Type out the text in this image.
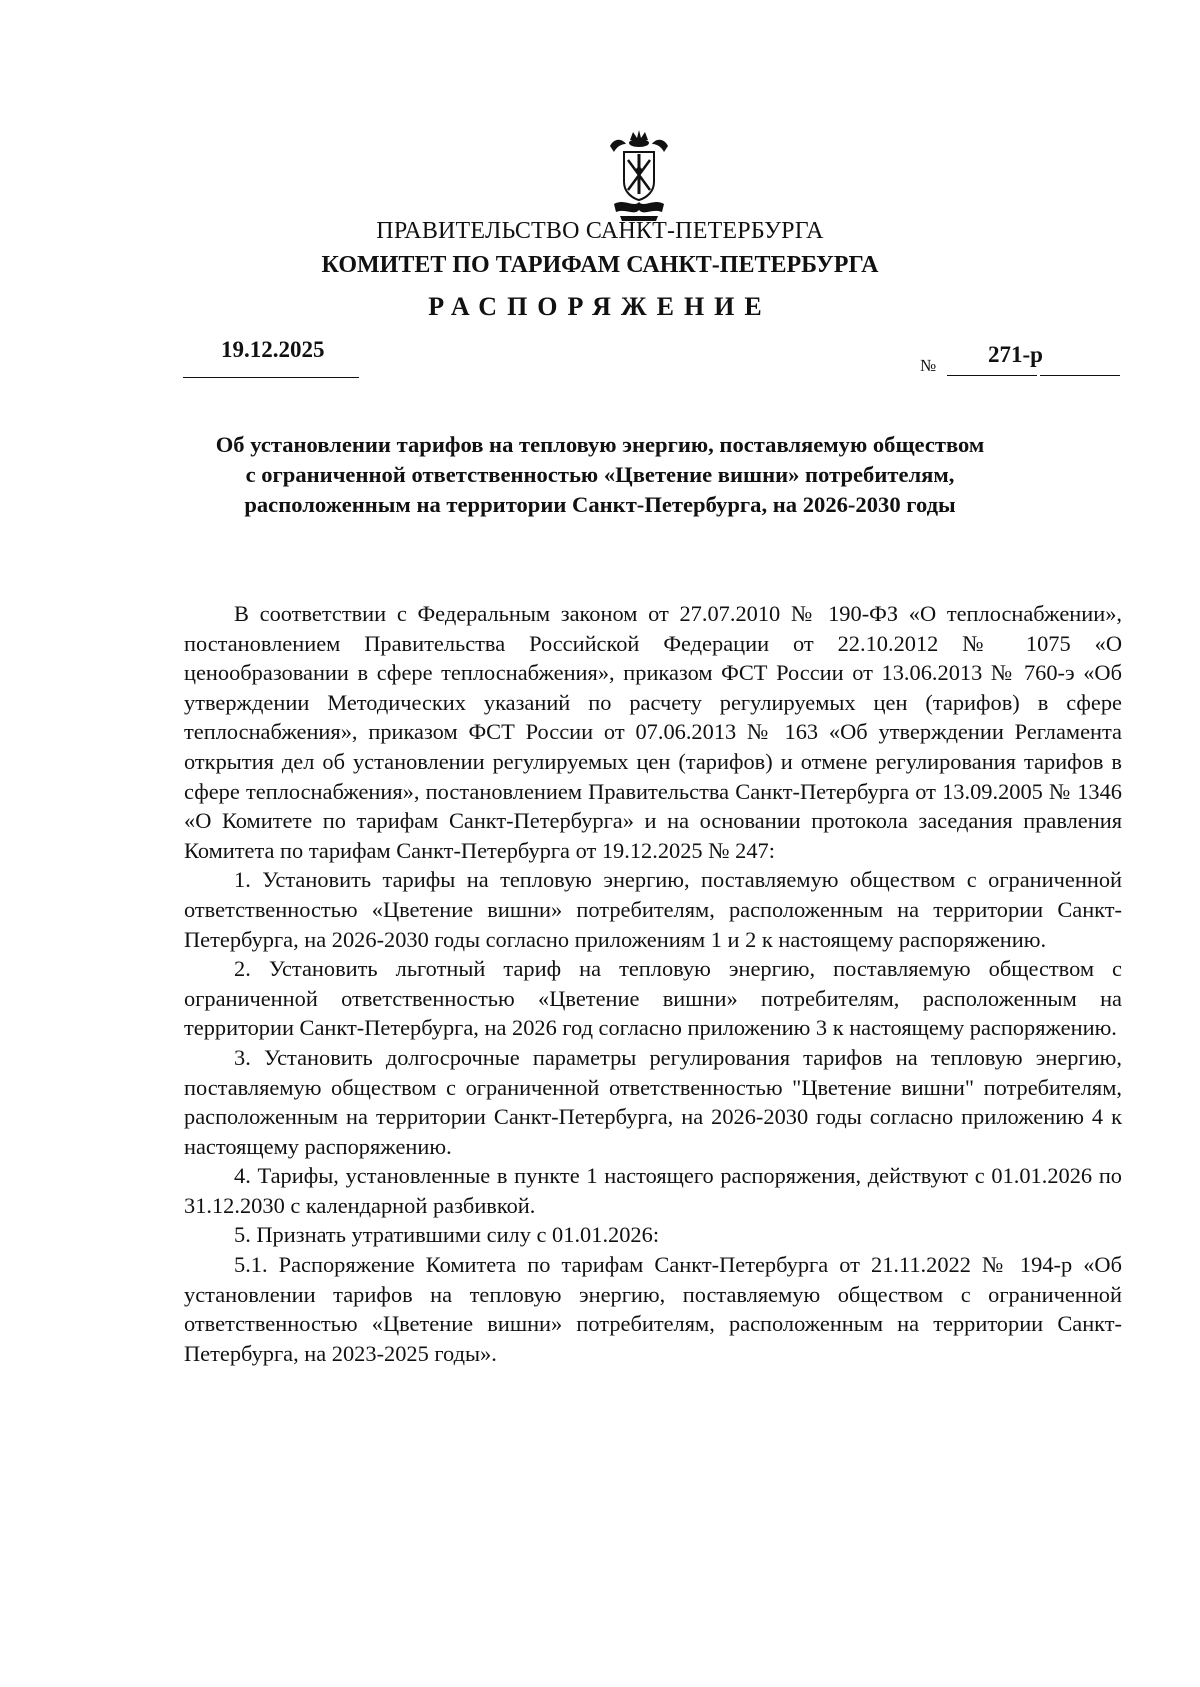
ПРАВИТЕЛЬСТВО САНКТ-ПЕТЕРБУРГА
КОМИТЕТ ПО ТАРИФАМ САНКТ-ПЕТЕРБУРГА
РАСПОРЯЖЕНИЕ
19.12.2025
№ 271-р
Об установлении тарифов на тепловую энергию, поставляемую обществом
с ограниченной ответственностью «Цветение вишни» потребителям,
расположенным на территории Санкт-Петербурга, на 2026-2030 годы

В соответствии с Федеральным законом от 27.07.2010 № 190-ФЗ «О теплоснабжении», постановлением Правительства Российской Федерации от 22.10.2012 № 1075 «О ценообразовании в сфере теплоснабжения», приказом ФСТ России от 13.06.2013 № 760-э «Об утверждении Методических указаний по расчету регулируемых цен (тарифов) в сфере теплоснабжения», приказом ФСТ России от 07.06.2013 № 163 «Об утверждении Регламента открытия дел об установлении регулируемых цен (тарифов) и отмене регулирования тарифов в сфере теплоснабжения», постановлением Правительства Санкт-Петербурга от 13.09.2005 № 1346 «О Комитете по тарифам Санкт-Петербурга» и на основании протокола заседания правления Комитета по тарифам Санкт-Петербурга от 19.12.2025 № 247:

1. Установить тарифы на тепловую энергию, поставляемую обществом с ограниченной ответственностью «Цветение вишни» потребителям, расположенным на территории Санкт-Петербурга, на 2026-2030 годы согласно приложениям 1 и 2 к настоящему распоряжению.

2. Установить льготный тариф на тепловую энергию, поставляемую обществом с ограниченной ответственностью «Цветение вишни» потребителям, расположенным на территории Санкт-Петербурга, на 2026 год согласно приложению 3 к настоящему распоряжению.

3. Установить долгосрочные параметры регулирования тарифов на тепловую энергию, поставляемую обществом с ограниченной ответственностью "Цветение вишни" потребителям, расположенным на территории Санкт-Петербурга, на 2026-2030 годы согласно приложению 4 к настоящему распоряжению.

4. Тарифы, установленные в пункте 1 настоящего распоряжения, действуют с 01.01.2026 по 31.12.2030 с календарной разбивкой.

5. Признать утратившими силу с 01.01.2026:

5.1. Распоряжение Комитета по тарифам Санкт-Петербурга от 21.11.2022 № 194-р «Об установлении тарифов на тепловую энергию, поставляемую обществом с ограниченной ответственностью «Цветение вишни» потребителям, расположенным на территории Санкт-Петербурга, на 2023-2025 годы».
